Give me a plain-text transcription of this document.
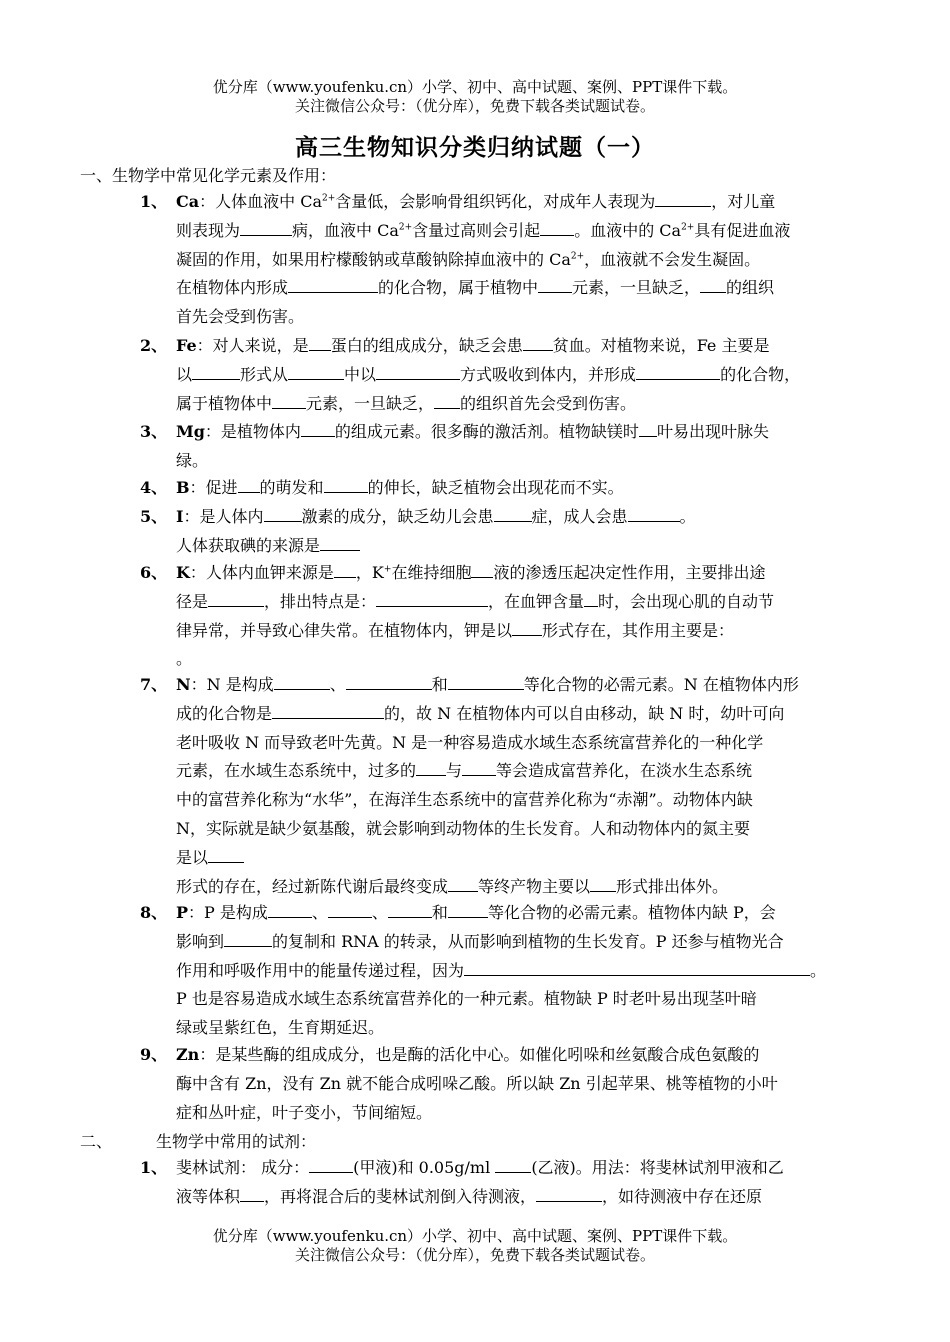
优分库（www.youfenku.cn）小学、初中、高中试题、案例、PPT课件下载。
关注微信公众号：（优分库），免费下载各类试题试卷。
高三生物知识分类归纳试题（一）
一、生物学中常见化学元素及作用：
1、 Ca：人体血液中 $Ca^{2+}$含量低，会影响骨组织钙化，对成年人表现为	，对儿童
则表现为	病，血液中 $Ca^{2+}$含量过高则会引起 。血液中的 $Ca^{2+}$具有促进血液
凝固的作用，如果用柠檬酸钠或草酸钠除掉血液中的 $Ca^{2+}$，血液就不会发生凝固。
在植物体内形成	的化合物，属于植物中 元素，一旦缺乏， 的组织
首先会受到伤害。
2、 Fe：对人来说，是 蛋白的组成成分，缺乏会患 贫血。对植物来说，Fe 主要是
以	形式从	中以	方式吸收到体内，并形成	的化合物，
属于植物体中 元素，一旦缺乏， 的组织首先会受到伤害。
3、 Mg：是植物体内 的组成元素。很多酶的激活剂。植物缺镁时 叶易出现叶脉失
绿。
4、 B：促进 的萌发和	的伸长，缺乏植物会出现花而不实。
5、 I：是人体内 激素的成分，缺乏幼儿会患 症，成人会患	。
人体获取碘的来源是
6、 K：人体内血钾来源是 ，K+在维持细胞 液的渗透压起决定性作用，主要排出途
径是	，排出特点是：	，在血钾含量 时，会出现心肌的自动节
律异常，并导致心律失常。在植物体内，钾是以 形式存在，其作用主要是：
。
7、 N：N 是构成	、	和	等化合物的必需元素。N 在植物体内形
成的化合物是	的，故 N 在植物体内可以自由移动，缺 N 时，幼叶可向
老叶吸收 N 而导致老叶先黄。N 是一种容易造成水域生态系统富营养化的一种化学
元素，在水域生态系统中，过多的 与 等会造成富营养化，在淡水生态系统
中的富营养化称为“水华”，在海洋生态系统中的富营养化称为“赤潮”。动物体内缺
N，实际就是缺少氨基酸，就会影响到动物体的生长发育。人和动物体内的氮主要
是以
形式的存在，经过新陈代谢后最终变成 等终产物主要以 形式排出体外。
8、 P：P 是构成	、	、	和	等化合物的必需元素。植物体内缺 P，会
影响到	的复制和 RNA 的转录，从而影响到植物的生长发育。P 还参与植物光合
作用和呼吸作用中的能量传递过程，因为	。
P 也是容易造成水域生态系统富营养化的一种元素。植物缺 P 时老叶易出现茎叶暗
绿或呈紫红色，生育期延迟。
9、 Zn：是某些酶的组成成分，也是酶的活化中心。如催化吲哚和丝氨酸合成色氨酸的
酶中含有 Zn，没有 Zn 就不能合成吲哚乙酸。所以缺 Zn 引起苹果、桃等植物的小叶
症和丛叶症，叶子变小，节间缩短。
二、	生物学中常用的试剂：
1、 斐林试剂： 成分：	(甲液)和 0.05g/ml (乙液)。用法：将斐林试剂甲液和乙
液等体积 ，再将混合后的斐林试剂倒入待测液，	，如待测液中存在还原
优分库（www.youfenku.cn）小学、初中、高中试题、案例、PPT课件下载。
关注微信公众号：（优分库），免费下载各类试题试卷。
